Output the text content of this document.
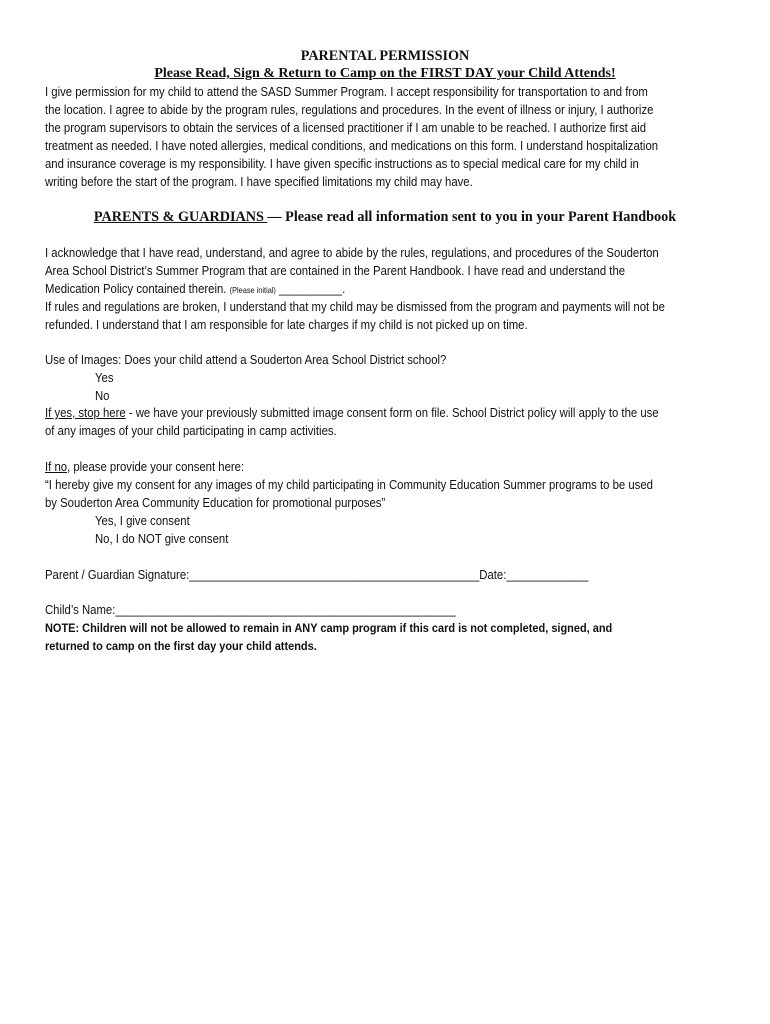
PARENTAL PERMISSION
Please Read, Sign & Return to Camp on the FIRST DAY your Child Attends!
I give permission for my child to attend the SASD Summer Program. I accept responsibility for transportation to and from
the location. I agree to abide by the program rules, regulations and procedures. In the event of illness or injury, I authorize
the program supervisors to obtain the services of a licensed practitioner if I am unable to be reached. I authorize first aid
treatment as needed. I have noted allergies, medical conditions, and medications on this form. I understand hospitalization
and insurance coverage is my responsibility. I have given specific instructions as to special medical care for my child in
writing before the start of the program. I have specified limitations my child may have.
PARENTS & GUARDIANS — Please read all information sent to you in your Parent Handbook
I acknowledge that I have read, understand, and agree to abide by the rules, regulations, and procedures of the Souderton
Area School District’s Summer Program that are contained in the Parent Handbook. I have read and understand the
Medication Policy contained therein. (Please initial) __________.
If rules and regulations are broken, I understand that my child may be dismissed from the program and payments will not be
refunded. I understand that I am responsible for late charges if my child is not picked up on time.
Use of Images: Does your child attend a Souderton Area School District school?
Yes
No
If yes, stop here - we have your previously submitted image consent form on file. School District policy will apply to the use
of any images of your child participating in camp activities.
If no, please provide your consent here:
“I hereby give my consent for any images of my child participating in Community Education Summer programs to be used
by Souderton Area Community Education for promotional purposes”
Yes, I give consent
No, I do NOT give consent
Parent / Guardian Signature:______________________________________________Date:_____________
Child’s Name:______________________________________________________
NOTE: Children will not be allowed to remain in ANY camp program if this card is not completed, signed, and
returned to camp on the first day your child attends.
